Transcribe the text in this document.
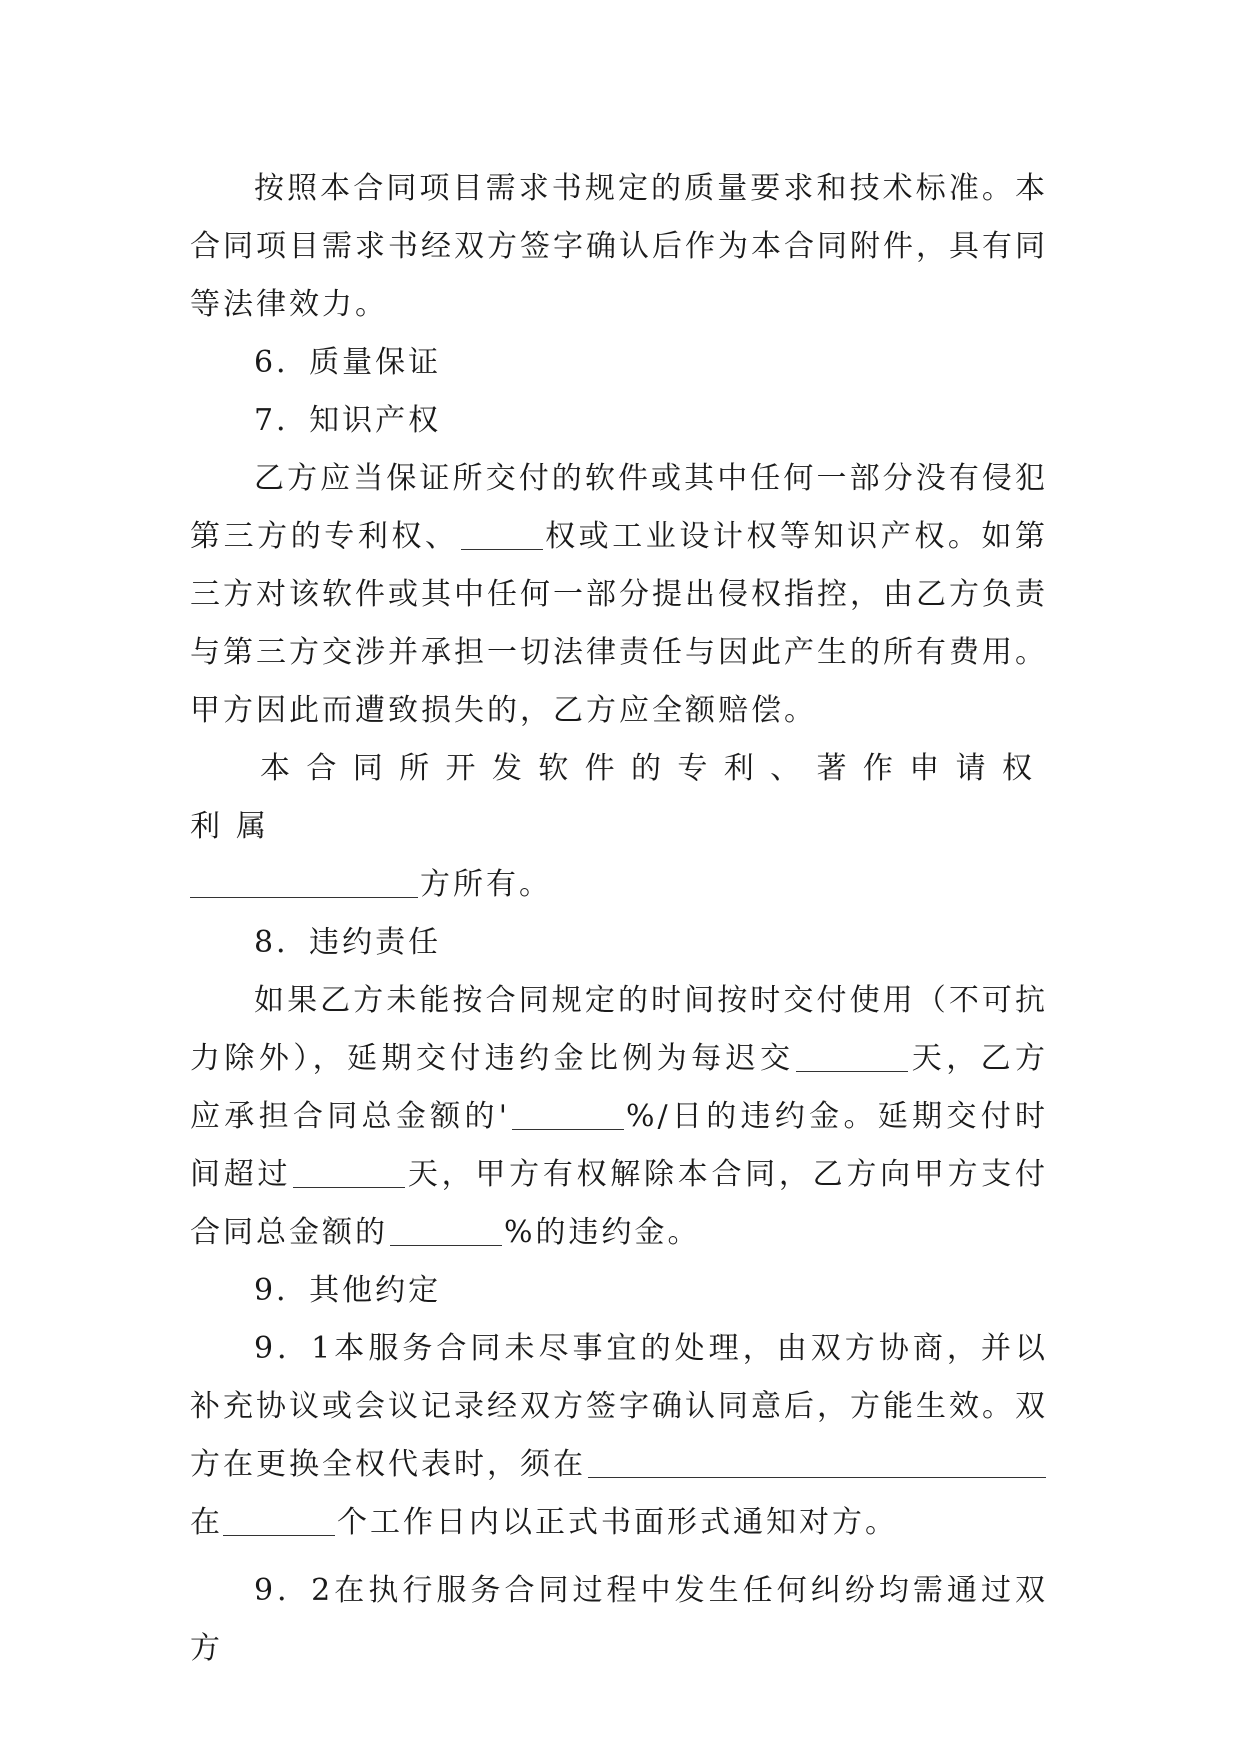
按照本合同项目需求书规定的质量要求和技术标准。本合同项目需求书经双方签字确认后作为本合同附件，具有同等法律效力。

6．质量保证

7．知识产权

乙方应当保证所交付的软件或其中任何一部分没有侵犯第三方的专利权、	权或工业设计权等知识产权。如第三方对该软件或其中任何一部分提出侵权指控，由乙方负责与第三方交涉并承担一切法律责任与因此产生的所有费用。甲方因此而遭致损失的，乙方应全额赔偿。

本合同所开发软件的专利、著作申请权利属
方所有。

8．违约责任

如果乙方未能按合同规定的时间按时交付使用（不可抗力除外），延期交付违约金比例为每迟交	天，乙方应承担合同总金额的'	%/日的违约金。延期交付时间超过	天，甲方有权解除本合同，乙方向甲方支付合同总金额的	%的违约金。

9．其他约定

9．1本服务合同未尽事宜的处理，由双方协商，并以补充协议或会议记录经双方签字确认同意后，方能生效。双方在更换全权代表时，须在在	个工作日内以正式书面形式通知对方。

9．2在执行服务合同过程中发生任何纠纷均需通过双方
